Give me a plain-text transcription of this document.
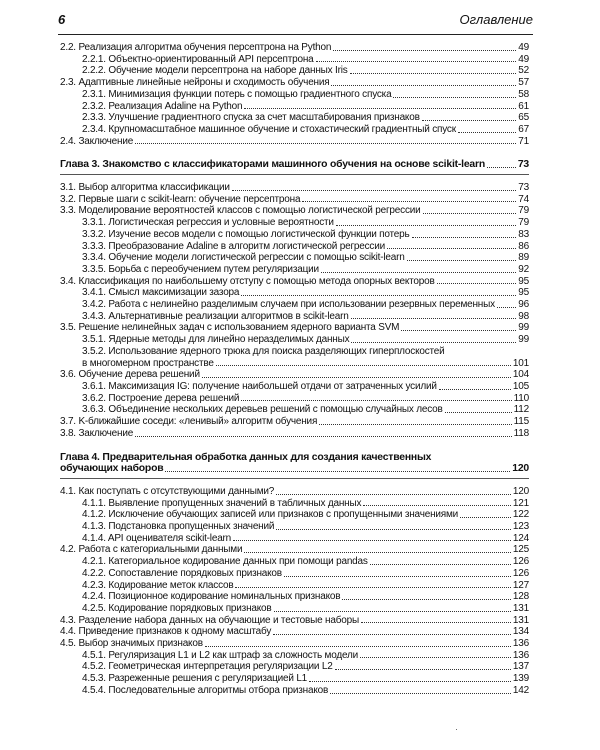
6	Оглавление
2.2. Реализация алгоритма обучения персептрона на Python	49
2.2.1. Объектно-ориентированный API персептрона	49
2.2.2. Обучение модели персептрона на наборе данных Iris	52
2.3. Адаптивные линейные нейроны и сходимость обучения	57
2.3.1. Минимизация функции потерь с помощью градиентного спуска	58
2.3.2. Реализация Adaline на Python	61
2.3.3. Улучшение градиентного спуска за счет масштабирования признаков	65
2.3.4. Крупномасштабное машинное обучение и стохастический градиентный спуск	67
2.4. Заключение	71
Глава 3. Знакомство с классификаторами машинного обучения на основе scikit-learn	73
3.1. Выбор алгоритма классификации	73
3.2. Первые шаги с scikit-learn: обучение персептрона	74
3.3. Моделирование вероятностей классов с помощью логистической регрессии	79
3.3.1. Логистическая регрессия и условные вероятности	79
3.3.2. Изучение весов модели с помощью логистической функции потерь	83
3.3.3. Преобразование Adaline в алгоритм логистической регрессии	86
3.3.4. Обучение модели логистической регрессии с помощью scikit-learn	89
3.3.5. Борьба с переобучением путем регуляризации	92
3.4. Классификация по наибольшему отступу с помощью метода опорных векторов	95
3.4.1. Смысл максимизации зазора	95
3.4.2. Работа с нелинейно разделимым случаем при использовании резервных переменных 96
3.4.3. Альтернативные реализации алгоритмов в scikit-learn	98
3.5. Решение нелинейных задач с использованием ядерного варианта SVM	99
3.5.1. Ядерные методы для линейно неразделимых данных	99
3.5.2. Использование ядерного трюка для поиска разделяющих гиперплоскостей
в многомерном пространстве	101
3.6. Обучение дерева решений	104
3.6.1. Максимизация IG: получение наибольшей отдачи от затраченных усилий	105
3.6.2. Построение дерева решений	110
3.6.3. Объединение нескольких деревьев решений с помощью случайных лесов	112
3.7. K-ближайшие соседи: «ленивый» алгоритм обучения	115
3.8. Заключение	118
Глава 4. Предварительная обработка данных для создания качественных
обучающих наборов	120
4.1. Как поступать с отсутствующими данными?	120
4.1.1. Выявление пропущенных значений в табличных данных	121
4.1.2. Исключение обучающих записей или признаков с пропущенными значениями	122
4.1.3. Подстановка пропущенных значений	123
4.1.4. API оценивателя scikit-learn	124
4.2. Работа с категориальными данными	125
4.2.1. Категориальное кодирование данных при помощи pandas	126
4.2.2. Сопоставление порядковых признаков	126
4.2.3. Кодирование меток классов	127
4.2.4. Позиционное кодирование номинальных признаков	128
4.2.5. Кодирование порядковых признаков	131
4.3. Разделение набора данных на обучающие и тестовые наборы	131
4.4. Приведение признаков к одному масштабу	134
4.5. Выбор значимых признаков	136
4.5.1. Регуляризация L1 и L2 как штраф за сложность модели	136
4.5.2. Геометрическая интерпретация регуляризации L2	137
4.5.3. Разреженные решения с регуляризацией L1	139
4.5.4. Последовательные алгоритмы отбора признаков	142
·
